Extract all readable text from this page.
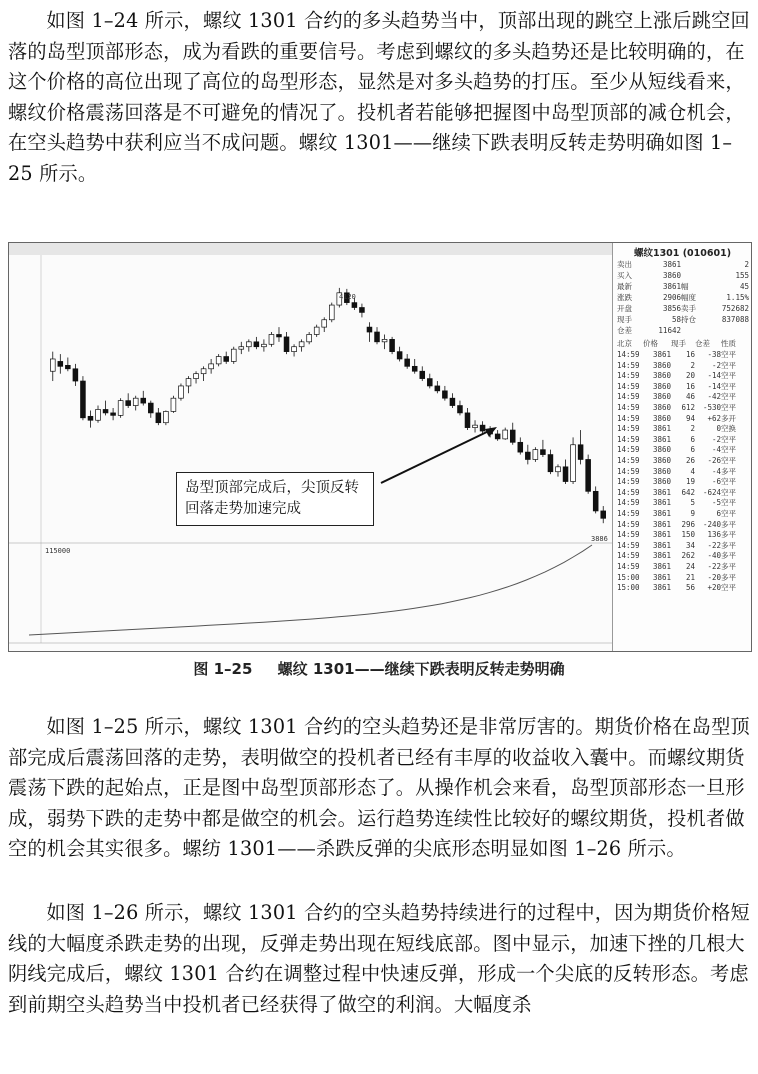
如图 1–24 所示，螺纹 1301 合约的多头趋势当中，顶部出现的跳空上涨后跳空回落的岛型顶部形态，成为看跌的重要信号。考虑到螺纹的多头趋势还是比较明确的，在这个价格的高位出现了高位的岛型形态，显然是对多头趋势的打压。至少从短线看来，螺纹价格震荡回落是不可避免的情况了。投机者若能够把握图中岛型顶部的减仓机会，在空头趋势中获利应当不成问题。螺纹 1301——继续下跌表明反转走势明确如图 1–25 所示。

4120
3886
115000
螺纹1301 (010601)
卖出	3861	2
买入	3860	155
最新	3861幅	45
涨跌	2906幅度	1.15%
开盘	3856卖手	752682
现手	58持仓	837088
仓差	11642
北京 价格 现手 仓差 性质
14:59 3861 16 -38空平
14:59 3860	2 -2空平
14:59 3860 20 -14空平
14:59 3860 16 -14空平
14:59 3860 46 -42空平
14:59 3860 612 -530空平
14:59 3860 94 +62多开
14:59 3861	2	0空换
14:59 3861	6 -2空平
14:59 3860	6 -4空平
14:59 3860 26 -26空平
14:59 3860	4 -4多平
14:59 3860 19 -6空平
14:59 3861 642 -624空平
14:59 3861	5 -5空平
14:59 3861	9	6空平
14:59 3861 296 -240多平
14:59 3861 150 136多平
14:59 3861 34 -22多平
14:59 3861 262 -40多平
14:59 3861 24 -22多平
15:00 3861 21 -20多平
15:00 3861 56 +20空平
岛型顶部完成后，尖顶反转回落走势加速完成
图 1–25 螺纹 1301——继续下跌表明反转走势明确

如图 1–25 所示，螺纹 1301 合约的空头趋势还是非常厉害的。期货价格在岛型顶部完成后震荡回落的走势，表明做空的投机者已经有丰厚的收益收入囊中。而螺纹期货震荡下跌的起始点，正是图中岛型顶部形态了。从操作机会来看，岛型顶部形态一旦形成，弱势下跌的走势中都是做空的机会。运行趋势连续性比较好的螺纹期货，投机者做空的机会其实很多。螺纺 1301——杀跌反弹的尖底形态明显如图 1–26 所示。

如图 1–26 所示，螺纹 1301 合约的空头趋势持续进行的过程中，因为期货价格短线的大幅度杀跌走势的出现，反弹走势出现在短线底部。图中显示，加速下挫的几根大阴线完成后，螺纹 1301 合约在调整过程中快速反弹，形成一个尖底的反转形态。考虑到前期空头趋势当中投机者已经获得了做空的利润。大幅度杀
